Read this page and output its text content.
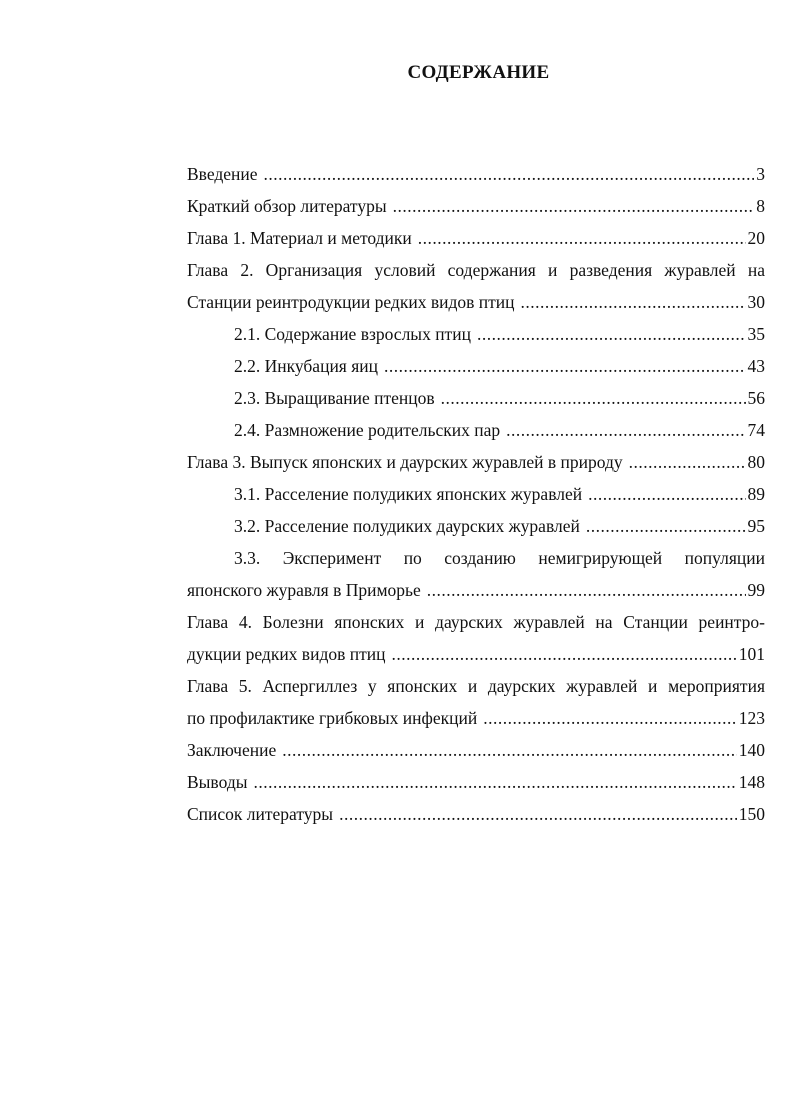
СОДЕРЖАНИЕ
Введение .....	3
Краткий обзор литературы .....	8
Глава 1. Материал и методики .....	20
Глава 2. Организация условий содержания и разведения журавлей на
Станции реинтродукции редких видов птиц .....	30
2.1. Содержание взрослых птиц .....	35
2.2. Инкубация яиц .....	43
2.3. Выращивание птенцов .....	56
2.4. Размножение родительских пар .....	74
Глава 3. Выпуск японских и даурских журавлей в природу .....	80
3.1. Расселение полудиких японских журавлей .....	89
3.2. Расселение полудиких даурских журавлей .....	95
3.3. Эксперимент по созданию немигрирующей популяции
японского журавля в Приморье .....	99
Глава 4. Болезни японских и даурских журавлей на Станции реинтро-
дукции редких видов птиц .....	101
Глава 5. Аспергиллез у японских и даурских журавлей и мероприятия
по профилактике грибковых инфекций .....	123
Заключение .....	140
Выводы .....	148
Список литературы .....	150
